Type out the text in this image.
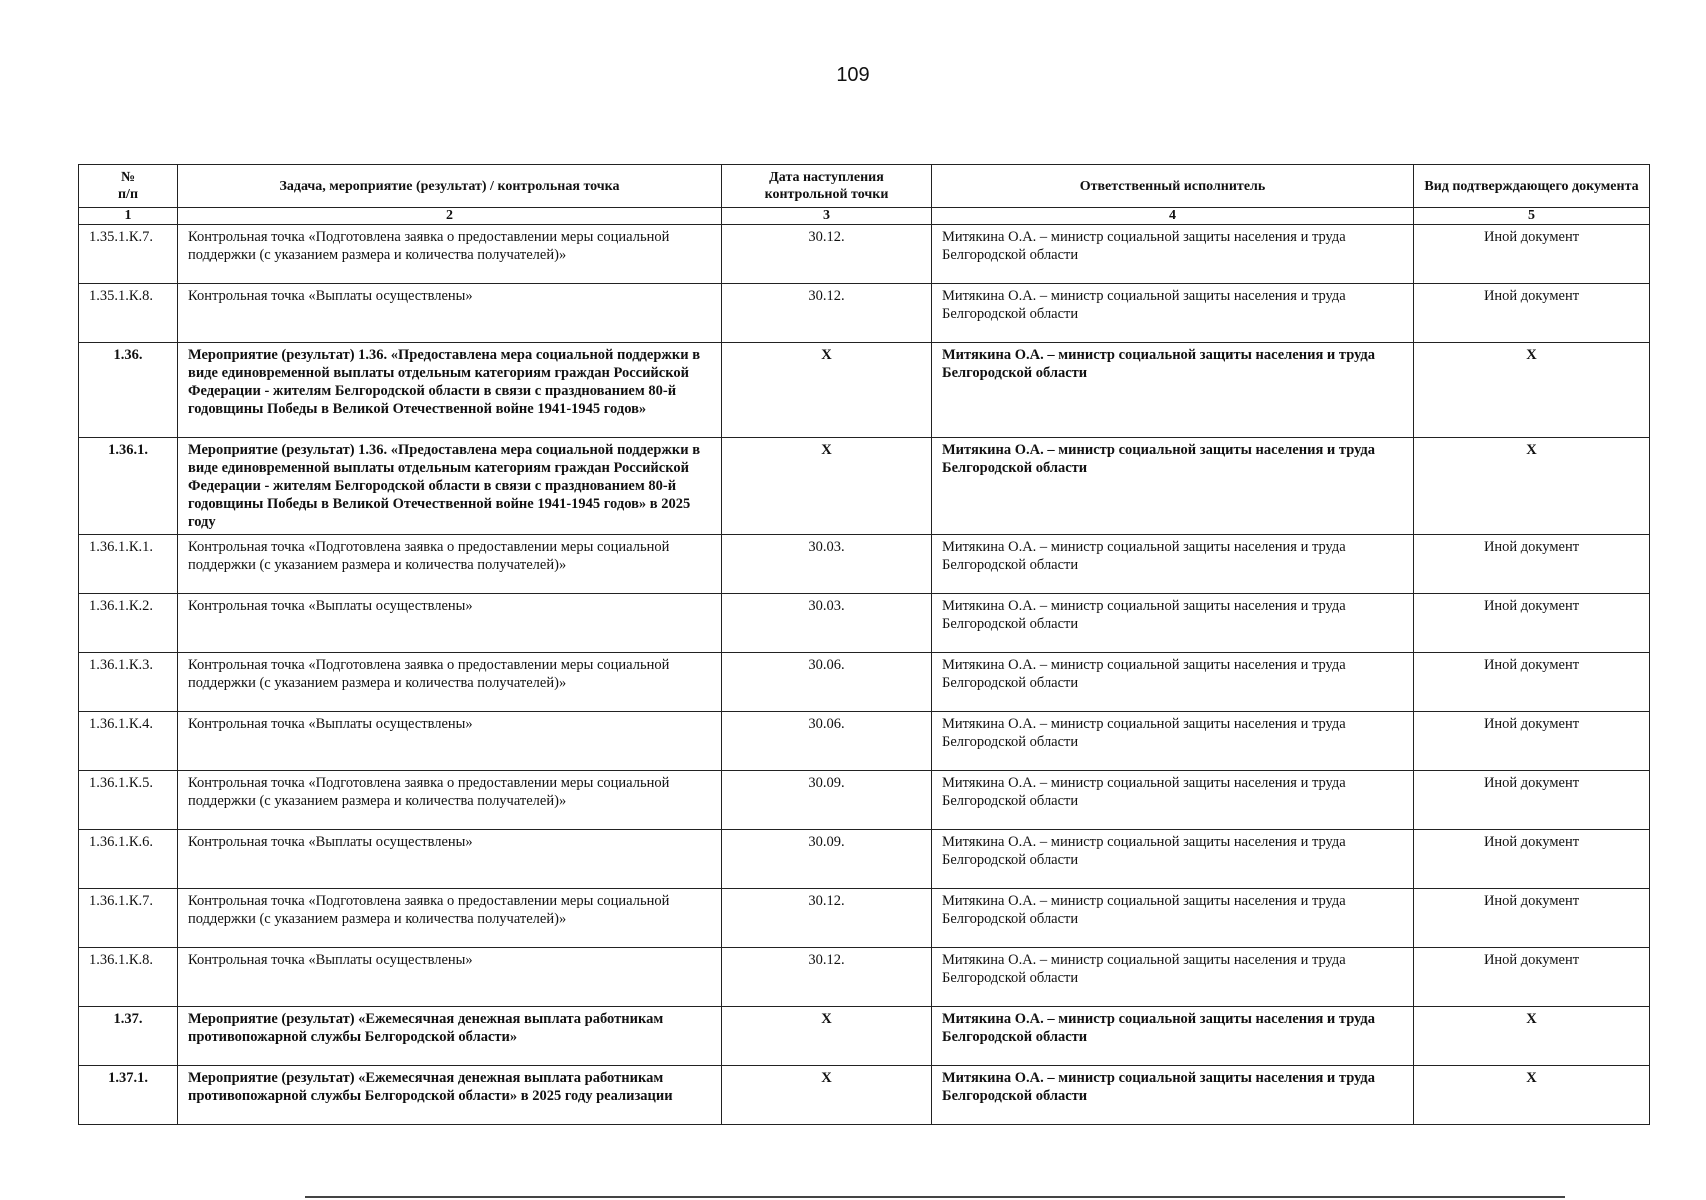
109
№
п/п	Задача, мероприятие (результат) / контрольная точка	Дата наступления контрольной точки	Ответственный исполнитель	Вид подтверждающего документа
1	2	3	4	5
1.35.1.К.7.	Контрольная точка «Подготовлена заявка о предоставлении меры социальной поддержки (с указанием размера и количества получателей)»	30.12.	Митякина О.А. – министр социальной защиты населения и труда Белгородской области	Иной документ
1.35.1.К.8.	Контрольная точка «Выплаты осуществлены»	30.12.	Митякина О.А. – министр социальной защиты населения и труда Белгородской области	Иной документ
1.36.	Мероприятие (результат) 1.36. «Предоставлена мера социальной поддержки в виде единовременной выплаты отдельным категориям граждан Российской Федерации - жителям Белгородской области в связи с празднованием 80-й годовщины Победы в Великой Отечественной войне 1941-1945 годов»	X	Митякина О.А. – министр социальной защиты населения и труда Белгородской области	X
1.36.1.	Мероприятие (результат) 1.36. «Предоставлена мера социальной поддержки в виде единовременной выплаты отдельным категориям граждан Российской Федерации - жителям Белгородской области в связи с празднованием 80-й годовщины Победы в Великой Отечественной войне 1941-1945 годов» в 2025 году	X	Митякина О.А. – министр социальной защиты населения и труда Белгородской области	X
1.36.1.К.1.	Контрольная точка «Подготовлена заявка о предоставлении меры социальной поддержки (с указанием размера и количества получателей)»	30.03.	Митякина О.А. – министр социальной защиты населения и труда Белгородской области	Иной документ
1.36.1.К.2.	Контрольная точка «Выплаты осуществлены»	30.03.	Митякина О.А. – министр социальной защиты населения и труда Белгородской области	Иной документ
1.36.1.К.3.	Контрольная точка «Подготовлена заявка о предоставлении меры социальной поддержки (с указанием размера и количества получателей)»	30.06.	Митякина О.А. – министр социальной защиты населения и труда Белгородской области	Иной документ
1.36.1.К.4.	Контрольная точка «Выплаты осуществлены»	30.06.	Митякина О.А. – министр социальной защиты населения и труда Белгородской области	Иной документ
1.36.1.К.5.	Контрольная точка «Подготовлена заявка о предоставлении меры социальной поддержки (с указанием размера и количества получателей)»	30.09.	Митякина О.А. – министр социальной защиты населения и труда Белгородской области	Иной документ
1.36.1.К.6.	Контрольная точка «Выплаты осуществлены»	30.09.	Митякина О.А. – министр социальной защиты населения и труда Белгородской области	Иной документ
1.36.1.К.7.	Контрольная точка «Подготовлена заявка о предоставлении меры социальной поддержки (с указанием размера и количества получателей)»	30.12.	Митякина О.А. – министр социальной защиты населения и труда Белгородской области	Иной документ
1.36.1.К.8.	Контрольная точка «Выплаты осуществлены»	30.12.	Митякина О.А. – министр социальной защиты населения и труда Белгородской области	Иной документ
1.37.	Мероприятие (результат) «Ежемесячная денежная выплата работникам противопожарной службы Белгородской области»	X	Митякина О.А. – министр социальной защиты населения и труда Белгородской области	X
1.37.1.	Мероприятие (результат) «Ежемесячная денежная выплата работникам противопожарной службы Белгородской области» в 2025 году реализации	X	Митякина О.А. – министр социальной защиты населения и труда Белгородской области	X
